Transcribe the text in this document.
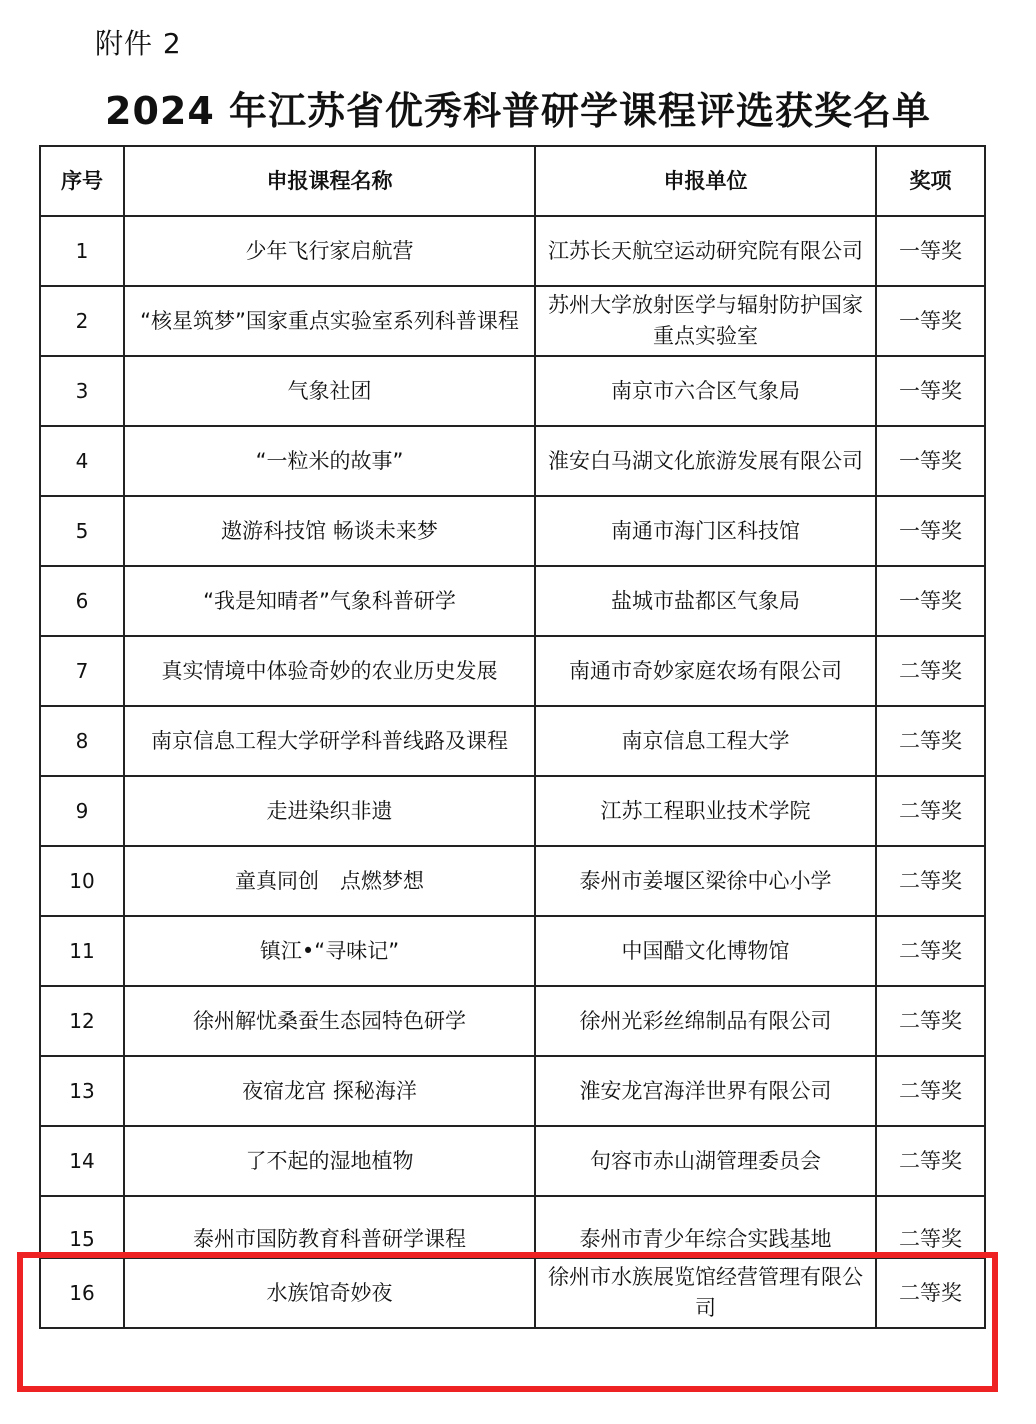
附件 2
2024 年江苏省优秀科普研学课程评选获奖名单
序号	申报课程名称	申报单位	奖项
1	少年飞行家启航营	江苏长天航空运动研究院有限公司	一等奖
2	“核星筑梦”国家重点实验室系列科普课程	苏州大学放射医学与辐射防护国家重点实验室	一等奖
3	气象社团	南京市六合区气象局	一等奖
4	“一粒米的故事”	淮安白马湖文化旅游发展有限公司	一等奖
5	遨游科技馆 畅谈未来梦	南通市海门区科技馆	一等奖
6	“我是知晴者”气象科普研学	盐城市盐都区气象局	一等奖
7	真实情境中体验奇妙的农业历史发展	南通市奇妙家庭农场有限公司	二等奖
8	南京信息工程大学研学科普线路及课程	南京信息工程大学	二等奖
9	走进染织非遗	江苏工程职业技术学院	二等奖
10	童真同创　点燃梦想	泰州市姜堰区梁徐中心小学	二等奖
11	镇江•“寻味记”	中国醋文化博物馆	二等奖
12	徐州解忧桑蚕生态园特色研学	徐州光彩丝绵制品有限公司	二等奖
13	夜宿龙宫 探秘海洋	淮安龙宫海洋世界有限公司	二等奖
14	了不起的湿地植物	句容市赤山湖管理委员会	二等奖

15	泰州市国防教育科普研学课程	泰州市青少年综合实践基地	二等奖

16	水族馆奇妙夜	徐州市水族展览馆经营管理有限公司	二等奖
